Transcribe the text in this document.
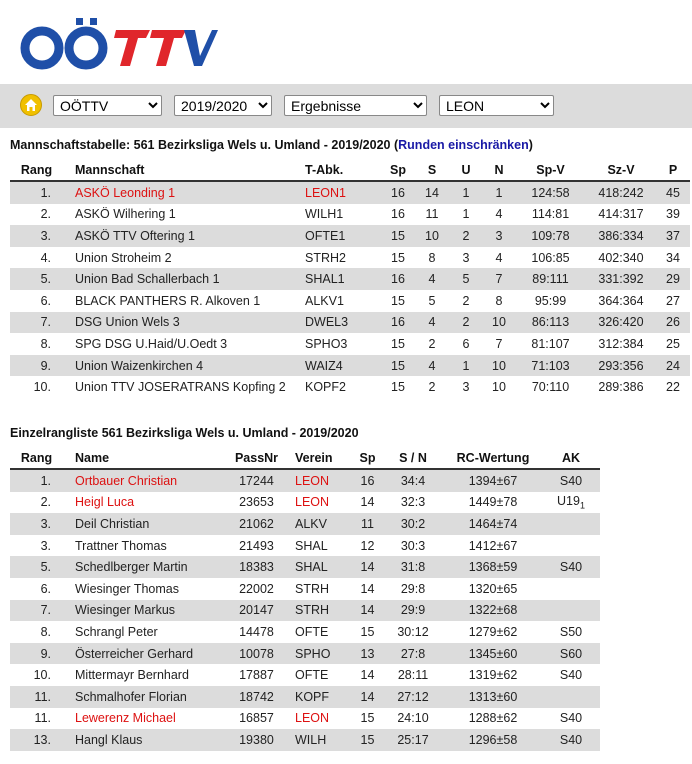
OÖTTV
2019/2020
Ergebnisse
LEON
Mannschaftstabelle: 561 Bezirksliga Wels u. Umland - 2019/2020 (Runden einschränken)
Rang	Mannschaft	T-Abk.	Sp	S	U	N	Sp-V	Sz-V	P
1.	ASKÖ Leonding 1	LEON1	16	14	1	1	124:58	418:242	45
2.	ASKÖ Wilhering 1	WILH1	16	11	1	4	114:81	414:317	39
3.	ASKÖ TTV Oftering 1	OFTE1	15	10	2	3	109:78	386:334	37
4.	Union Stroheim 2	STRH2	15	8	3	4	106:85	402:340	34
5.	Union Bad Schallerbach 1	SHAL1	16	4	5	7	89:111	331:392	29
6.	BLACK PANTHERS R. Alkoven 1	ALKV1	15	5	2	8	95:99	364:364	27
7.	DSG Union Wels 3	DWEL3	16	4	2	10	86:113	326:420	26
8.	SPG DSG U.Haid/U.Oedt 3	SPHO3	15	2	6	7	81:107	312:384	25
9.	Union Waizenkirchen 4	WAIZ4	15	4	1	10	71:103	293:356	24
10.	Union TTV JOSERATRANS Kopfing 2	KOPF2	15	2	3	10	70:110	289:386	22
Einzelrangliste 561 Bezirksliga Wels u. Umland - 2019/2020
Rang	Name	PassNr	Verein	Sp	S / N	RC-Wertung	AK
1.	Ortbauer Christian	17244	LEON	16	34:4	1394±67	S40
2.	Heigl Luca	23653	LEON	14	32:3	1449±78	$U19_1$
3.	Deil Christian	21062	ALKV	11	30:2	1464±74	
3.	Trattner Thomas	21493	SHAL	12	30:3	1412±67	
5.	Schedlberger Martin	18383	SHAL	14	31:8	1368±59	S40
6.	Wiesinger Thomas	22002	STRH	14	29:8	1320±65	
7.	Wiesinger Markus	20147	STRH	14	29:9	1322±68	
8.	Schrangl Peter	14478	OFTE	15	30:12	1279±62	S50
9.	Österreicher Gerhard	10078	SPHO	13	27:8	1345±60	S60
10.	Mittermayr Bernhard	17887	OFTE	14	28:11	1319±62	S40
11.	Schmalhofer Florian	18742	KOPF	14	27:12	1313±60	
11.	Lewerenz Michael	16857	LEON	15	24:10	1288±62	S40
13.	Hangl Klaus	19380	WILH	15	25:17	1296±58	S40
